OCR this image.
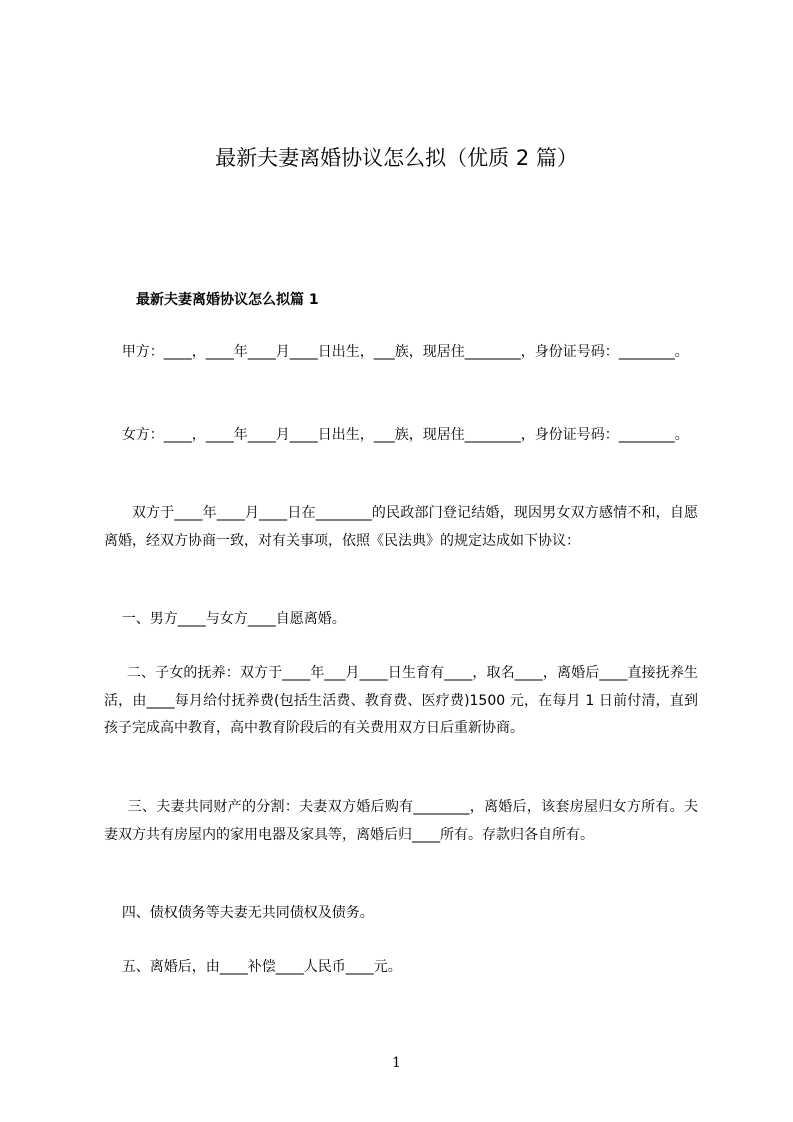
最新夫妻离婚协议怎么拟（优质 2 篇）
最新夫妻离婚协议怎么拟篇 1

甲方：____，____年____月____日出生，___族，现居住________，身份证号码：________。

女方：____，____年____月____日出生，___族，现居住________，身份证号码：________。

双方于____年____月____日在________的民政部门登记结婚，现因男女双方感情不和，自愿离婚，经双方协商一致，对有关事项，依照《民法典》的规定达成如下协议：

一、男方____与女方____自愿离婚。

二、子女的抚养：双方于____年___月____日生育有____，取名____，离婚后____直接抚养生活，由____每月给付抚养费(包括生活费、教育费、医疗费)1500 元，在每月 1 日前付清，直到孩子完成高中教育，高中教育阶段后的有关费用双方日后重新协商。

三、夫妻共同财产的分割：夫妻双方婚后购有________，离婚后，该套房屋归女方所有。夫妻双方共有房屋内的家用电器及家具等，离婚后归____所有。存款归各自所有。

四、债权债务等夫妻无共同债权及债务。

五、离婚后，由____补偿____人民币____元。

1
